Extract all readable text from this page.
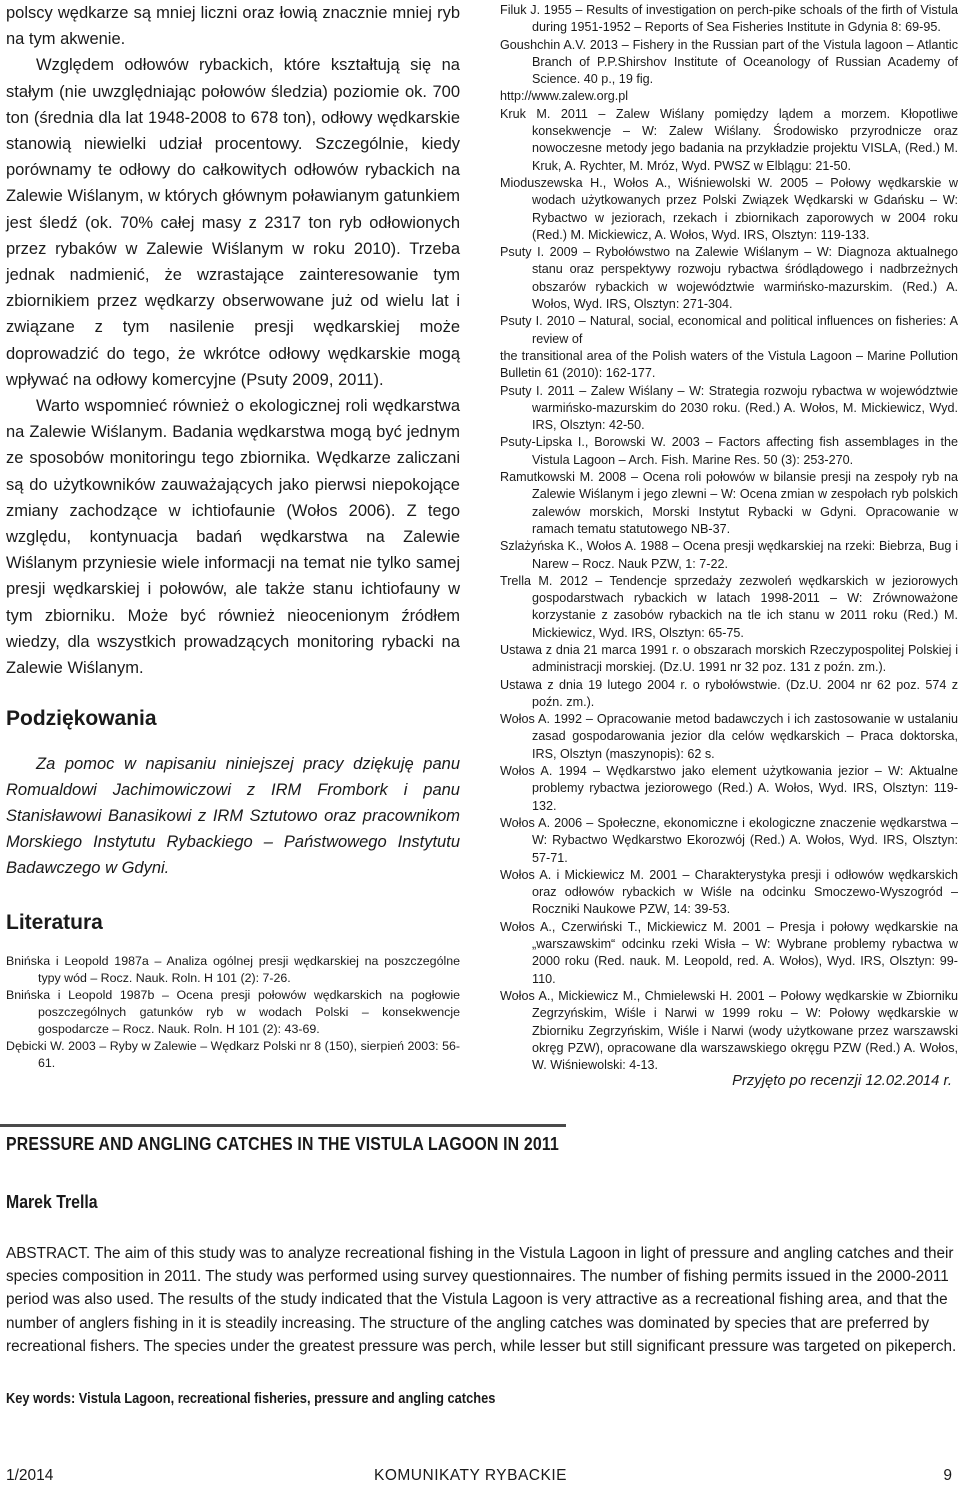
polscy wędkarze są mniej liczni oraz łowią znacznie mniej ryb na tym akwenie.

Względem odłowów rybackich, które kształtują się na stałym (nie uwzględniając połowów śledzia) poziomie ok. 700 ton (średnia dla lat 1948-2008 to 678 ton), odłowy wędkarskie stanowią niewielki udział procentowy. Szczególnie, kiedy porównamy te odłowy do całkowitych odłowów rybackich na Zalewie Wiślanym, w których głównym poławianym gatunkiem jest śledź (ok. 70% całej masy z 2317 ton ryb odłowionych przez rybaków w Zalewie Wiślanym w roku 2010). Trzeba jednak nadmienić, że wzrastające zainteresowanie tym zbiornikiem przez wędkarzy obserwowane już od wielu lat i związane z tym nasilenie presji wędkarskiej może doprowadzić do tego, że wkrótce odłowy wędkarskie mogą wpływać na odłowy komercyjne (Psuty 2009, 2011).

Warto wspomnieć również o ekologicznej roli wędkarstwa na Zalewie Wiślanym. Badania wędkarstwa mogą być jednym ze sposobów monitoringu tego zbiornika. Wędkarze zaliczani są do użytkowników zauważających jako pierwsi niepokojące zmiany zachodzące w ichtiofaunie (Wołos 2006). Z tego względu, kontynuacja badań wędkarstwa na Zalewie Wiślanym przyniesie wiele informacji na temat nie tylko samej presji wędkarskiej i połowów, ale także stanu ichtiofauny w tym zbiorniku. Może być również nieocenionym źródłem wiedzy, dla wszystkich prowadzących monitoring rybacki na Zalewie Wiślanym.

Podziękowania

Za pomoc w napisaniu niniejszej pracy dziękuję panu Romualdowi Jachimowiczowi z IRM Frombork i panu Stanisławowi Banasikowi z IRM Sztutowo oraz pracownikom Morskiego Instytutu Rybackiego – Państwowego Instytutu Badawczego w Gdyni.

Literatura

Bnińska i Leopold 1987a – Analiza ogólnej presji wędkarskiej na poszczególne typy wód – Rocz. Nauk. Roln. H 101 (2): 7-26.

Bnińska i Leopold 1987b – Ocena presji połowów wędkarskich na pogłowie poszczególnych gatunków ryb w wodach Polski – konsekwencje gospodarcze – Rocz. Nauk. Roln. H 101 (2): 43-69.

Dębicki W. 2003 – Ryby w Zalewie – Wędkarz Polski nr 8 (150), sierpień 2003: 56-61.

Filuk J. 1955 – Results of investigation on perch-pike schoals of the firth of Vistula during 1951-1952 – Reports of Sea Fisheries Institute in Gdynia 8: 69-95.

Goushchin A.V. 2013 – Fishery in the Russian part of the Vistula lagoon – Atlantic Branch of P.P.Shirshov Institute of Oceanology of Russian Academy of Science. 40 p., 19 fig.

http://www.zalew.org.pl

Kruk M. 2011 – Zalew Wiślany pomiędzy lądem a morzem. Kłopotliwe konsekwencje – W: Zalew Wiślany. Środowisko przyrodnicze oraz nowoczesne metody jego badania na przykładzie projektu VISLA, (Red.) M. Kruk, A. Rychter, M. Mróz, Wyd. PWSZ w Elblągu: 21-50.

Mioduszewska H., Wołos A., Wiśniewolski W. 2005 – Połowy wędkarskie w wodach użytkowanych przez Polski Związek Wędkarski w Gdańsku – W: Rybactwo w jeziorach, rzekach i zbiornikach zaporowych w 2004 roku (Red.) M. Mickiewicz, A. Wołos, Wyd. IRS, Olsztyn: 119-133.

Psuty I. 2009 – Rybołówstwo na Zalewie Wiślanym – W: Diagnoza aktualnego stanu oraz perspektywy rozwoju rybactwa śródlądowego i nadbrzeżnych obszarów rybackich w województwie warmińsko-mazurskim. (Red.) A. Wołos, Wyd. IRS, Olsztyn: 271-304.

Psuty I. 2010 – Natural, social, economical and political influences on fisheries: A review of

the transitional area of the Polish waters of the Vistula Lagoon – Marine Pollution Bulletin 61 (2010): 162-177.

Psuty I. 2011 – Zalew Wiślany – W: Strategia rozwoju rybactwa w województwie warmińsko-mazurskim do 2030 roku. (Red.) A. Wołos, M. Mickiewicz, Wyd. IRS, Olsztyn: 42-50.

Psuty-Lipska I., Borowski W. 2003 – Factors affecting fish assemblages in the Vistula Lagoon – Arch. Fish. Marine Res. 50 (3): 253-270.

Ramutkowski M. 2008 – Ocena roli połowów w bilansie presji na zespoły ryb na Zalewie Wiślanym i jego zlewni – W: Ocena zmian w zespołach ryb polskich zalewów morskich, Morski Instytut Rybacki w Gdyni. Opracowanie w ramach tematu statutowego NB-37.

Szlażyńska K., Wołos A. 1988 – Ocena presji wędkarskiej na rzeki: Biebrza, Bug i Narew – Rocz. Nauk PZW, 1: 7-22.

Trella M. 2012 – Tendencje sprzedaży zezwoleń wędkarskich w jeziorowych gospodarstwach rybackich w latach 1998-2011 – W: Zrównoważone korzystanie z zasobów rybackich na tle ich stanu w 2011 roku (Red.) M. Mickiewicz, Wyd. IRS, Olsztyn: 65-75.

Ustawa z dnia 21 marca 1991 r. o obszarach morskich Rzeczypospolitej Polskiej i administracji morskiej. (Dz.U. 1991 nr 32 poz. 131 z poźn. zm.).

Ustawa z dnia 19 lutego 2004 r. o rybołówstwie. (Dz.U. 2004 nr 62 poz. 574 z poźn. zm.).

Wołos A. 1992 – Opracowanie metod badawczych i ich zastosowanie w ustalaniu zasad gospodarowania jezior dla celów wędkarskich – Praca doktorska, IRS, Olsztyn (maszynopis): 62 s.

Wołos A. 1994 – Wędkarstwo jako element użytkowania jezior – W: Aktualne problemy rybactwa jeziorowego (Red.) A. Wołos, Wyd. IRS, Olsztyn: 119-132.

Wołos A. 2006 – Społeczne, ekonomiczne i ekologiczne znaczenie wędkarstwa – W: Rybactwo Wędkarstwo Ekorozwój (Red.) A. Wołos, Wyd. IRS, Olsztyn: 57-71.

Wołos A. i Mickiewicz M. 2001 – Charakterystyka presji i odłowów wędkarskich oraz odłowów rybackich w Wiśle na odcinku Smoczewo-Wyszogród – Roczniki Naukowe PZW, 14: 39-53.

Wołos A., Czerwiński T., Mickiewicz M. 2001 – Presja i połowy wędkarskie na „warszawskim“ odcinku rzeki Wisła – W: Wybrane problemy rybactwa w 2000 roku (Red. nauk. M. Leopold, red. A. Wołos), Wyd. IRS, Olsztyn: 99-110.

Wołos A., Mickiewicz M., Chmielewski H. 2001 – Połowy wędkarskie w Zbiorniku Zegrzyńskim, Wiśle i Narwi w 1999 roku – W: Połowy wędkarskie w Zbiorniku Zegrzyńskim, Wiśle i Narwi (wody użytkowane przez warszawski okręg PZW), opracowane dla warszawskiego okręgu PZW (Red.) A. Wołos, W. Wiśniewolski: 4-13.

Przyjęto po recenzji 12.02.2014 r.
PRESSURE AND ANGLING CATCHES IN THE VISTULA LAGOON IN 2011
Marek Trella

ABSTRACT. The aim of this study was to analyze recreational fishing in the Vistula Lagoon in light of pressure and angling catches and their species composition in 2011. The study was performed using survey questionnaires. The number of fishing permits issued in the 2000-2011 period was also used. The results of the study indicated that the Vistula Lagoon is very attractive as a recreational fishing area, and that the number of anglers fishing in it is steadily increasing. The structure of the angling catches was dominated by species that are preferred by recreational fishers. The species under the greatest pressure was perch, while lesser but still significant pressure was targeted on pikeperch.

Key words: Vistula Lagoon, recreational fisheries, pressure and angling catches
1/2014	KOMUNIKATY RYBACKIE	9
